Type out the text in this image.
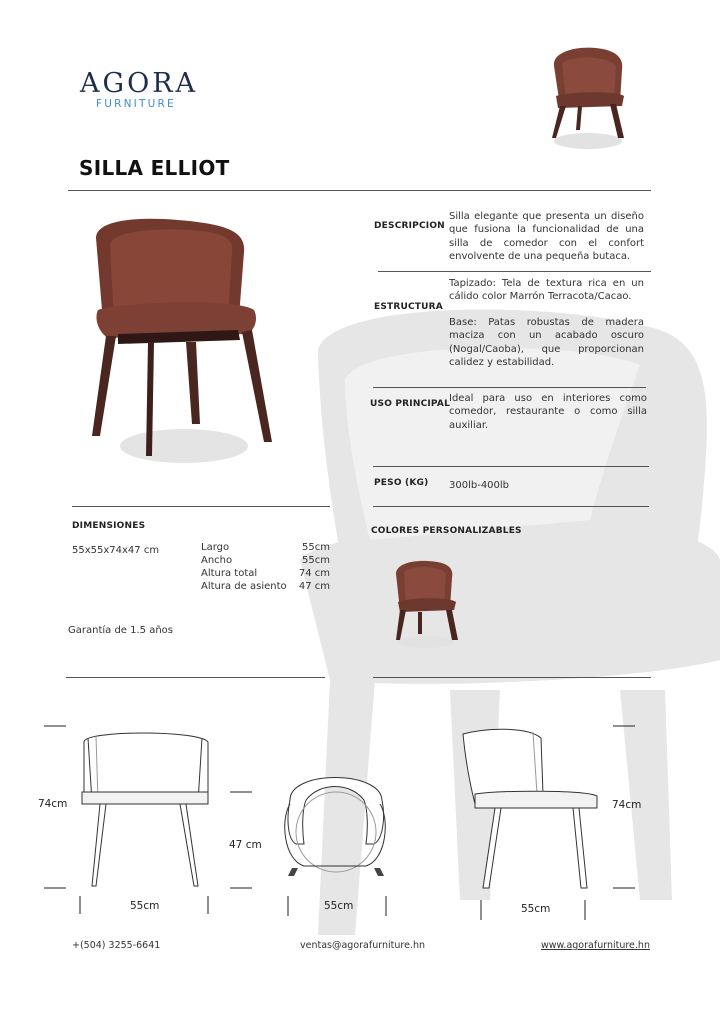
AGORA
FURNITURE
SILLA ELLIOT
DESCRIPCION
Silla elegante que presenta un diseño que fusiona la funcionalidad de una silla de comedor con el confort envolvente de una pequeña butaca.
ESTRUCTURA
Tapizado: Tela de textura rica en un cálido color Marrón Terracota/Cacao.
Base: Patas robustas de madera maciza con un acabado oscuro (Nogal/Caoba), que proporcionan calidez y estabilidad.
USO PRINCIPAL
Ideal para uso en interiores como comedor, restaurante o como silla auxiliar.
PESO (KG) 300lb-400lb
COLORES PERSONALIZABLES
DIMENSIONES
55x55x74x47 cm	Largo	55cm
Ancho	55cm
Altura total	74 cm
Altura de asiento	47 cm
Garantía de 1.5 años
74cm
55cm
47 cm
55cm
74cm
55cm
+(504) 3255-6641	ventas@agorafurniture.hn	www.agorafurniture.hn
